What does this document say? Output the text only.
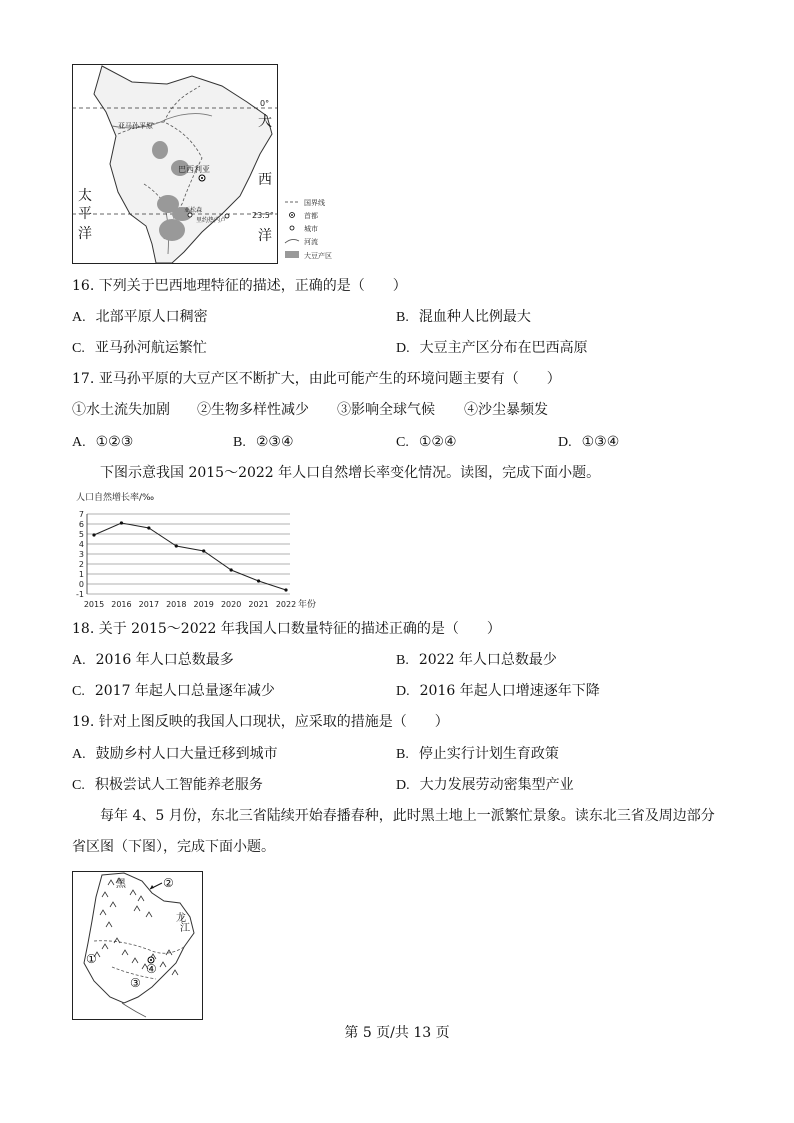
亚马孙平原
巴西利亚
亚松森
里约热内卢
0°
23.5°
大
西
洋
太
平
洋
国界线
首都
城市
河流
大豆产区
16. 下列关于巴西地理特征的描述，正确的是（　　）
A. 北部平原人口稠密	B. 混血种人比例最大
C. 亚马孙河航运繁忙	D. 大豆主产区分布在巴西高原
17. 亚马孙平原的大豆产区不断扩大，由此可能产生的环境问题主要有（　　）
①水土流失加剧 ②生物多样性减少 ③影响全球气候 ④沙尘暴频发
A. ①②③	B. ②③④	C. ①②④	D. ①③④
下图示意我国 2015～2022 年人口自然增长率变化情况。读图，完成下面小题。
人口自然增长率/‰
7
6
5
4
3
2
1
0
-1
2015 2016 2017 2018 2019 2020 2021 2022 年份
18. 关于 2015～2022 年我国人口数量特征的描述正确的是（　　）
A. 2016 年人口总数最多	B. 2022 年人口总数最少
C. 2017 年起人口总量逐年减少	D. 2016 年起人口增速逐年下降
19. 针对上图反映的我国人口现状，应采取的措施是（　　）
A. 鼓励乡村人口大量迁移到城市	B. 停止实行计划生育政策
C. 积极尝试人工智能养老服务	D. 大力发展劳动密集型产业
每年 4、5 月份，东北三省陆续开始春播春种，此时黑土地上一派繁忙景象。读东北三省及周边部分
省区图（下图），完成下面小题。
黑
龙
江
①
②
③
④
第 5 页/共 13 页
